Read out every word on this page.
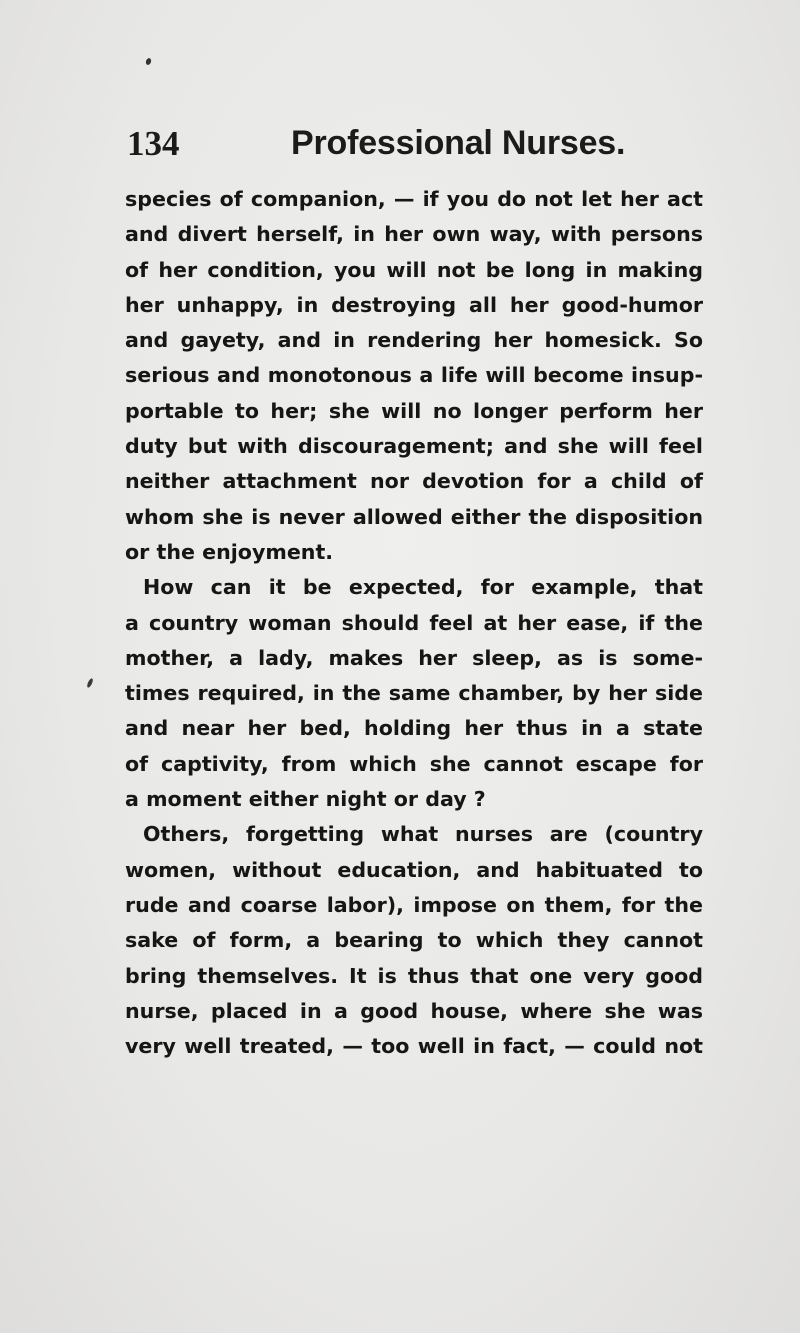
134	Professional Nurses.
species of companion, — if you do not let her act
and divert herself, in her own way, with persons
of her condition, you will not be long in making
her unhappy, in destroying all her good-humor
and gayety, and in rendering her homesick. So
serious and monotonous a life will become insup-
portable to her; she will no longer perform her
duty but with discouragement; and she will feel
neither attachment nor devotion for a child of
whom she is never allowed either the disposition
or the enjoyment.
How can it be expected, for example, that
a country woman should feel at her ease, if the
mother, a lady, makes her sleep, as is some-
times required, in the same chamber, by her side
and near her bed, holding her thus in a state
of captivity, from which she cannot escape for
a moment either night or day ?
Others, forgetting what nurses are (country
women, without education, and habituated to
rude and coarse labor), impose on them, for the
sake of form, a bearing to which they cannot
bring themselves. It is thus that one very good
nurse, placed in a good house, where she was
very well treated, — too well in fact, — could not
